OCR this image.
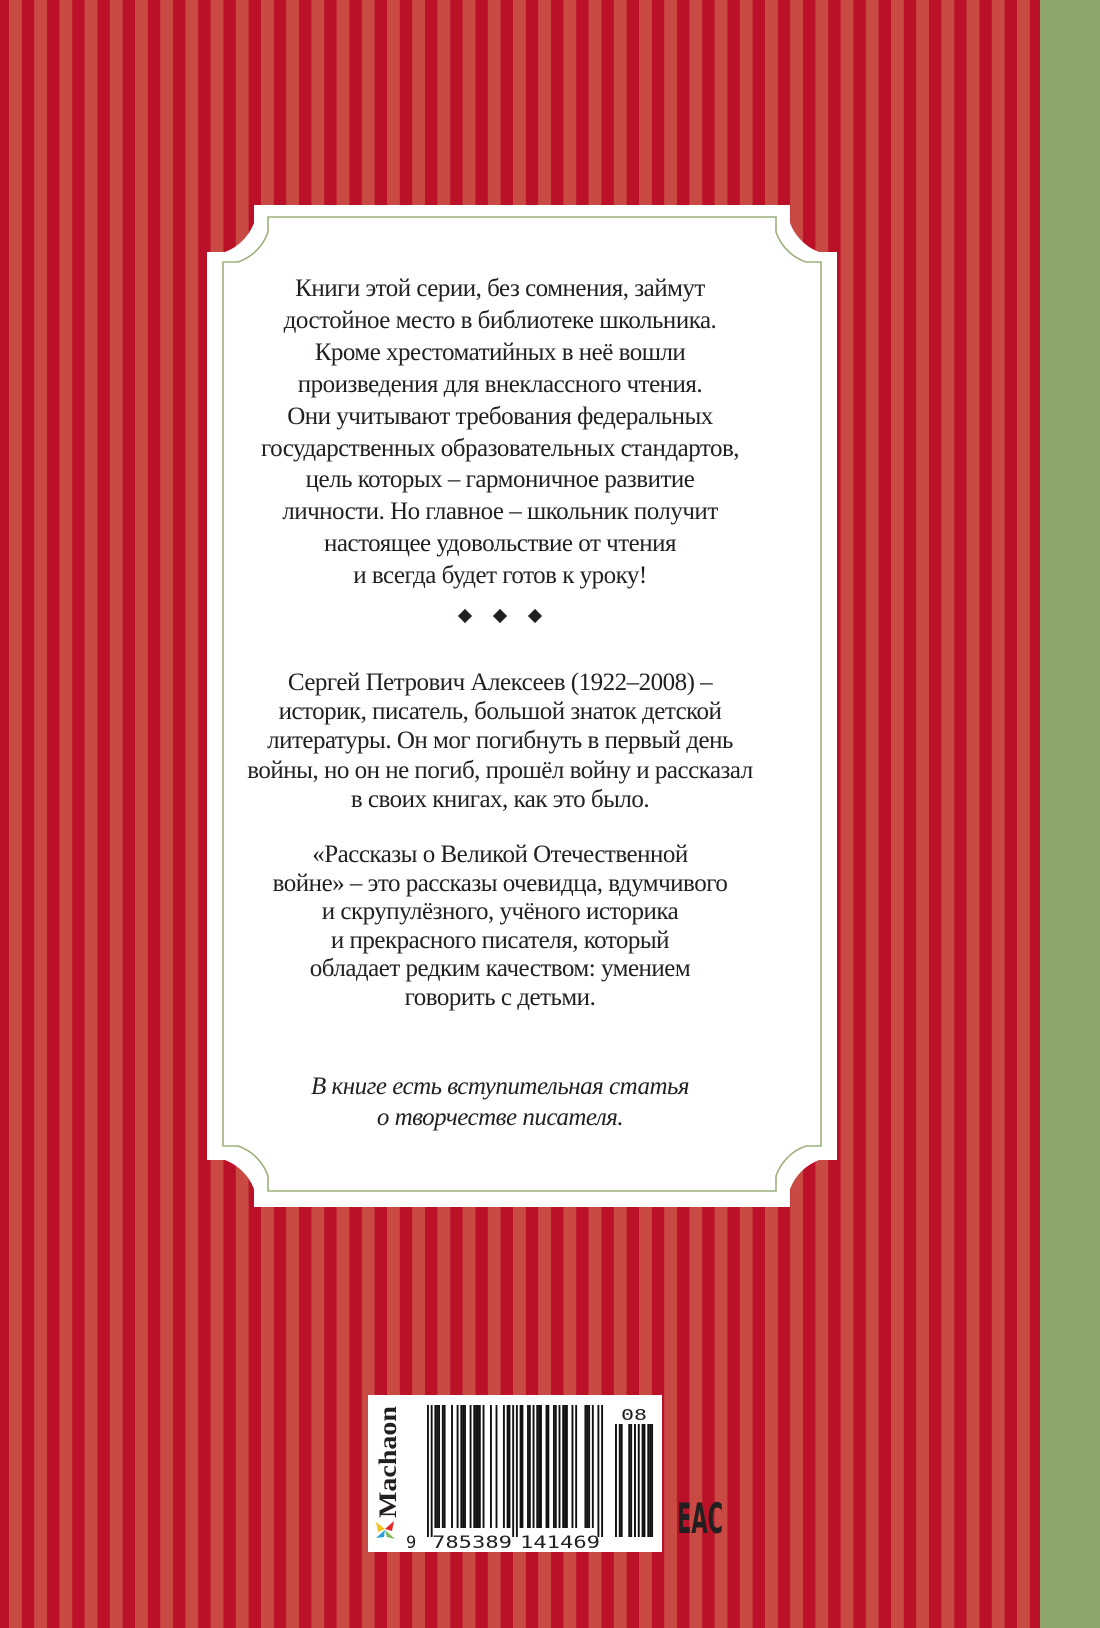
Machaon
9 785389 141469
08
EAC
Книги этой серии, без сомнения, займут
достойное место в библиотеке школьника.
Кроме хрестоматийных в неё вошли
произведения для внеклассного чтения.
Они учитывают требования федеральных
государственных образовательных стандартов,
цель которых – гармоничное развитие
личности. Но главное – школьник получит
настоящее удовольствие от чтения
и всегда будет готов к уроку!
Сергей Петрович Алексеев (1922–2008) –
историк, писатель, большой знаток детской
литературы. Он мог погибнуть в первый день
войны, но он не погиб, прошёл войну и рассказал
в своих книгах, как это было.
«Рассказы о Великой Отечественной
войне» – это рассказы очевидца, вдумчивого
и скрупулёзного, учёного историка
и прекрасного писателя, который
обладает редким качеством: умением
говорить с детьми.
В книге есть вступительная статья
о творчестве писателя.
